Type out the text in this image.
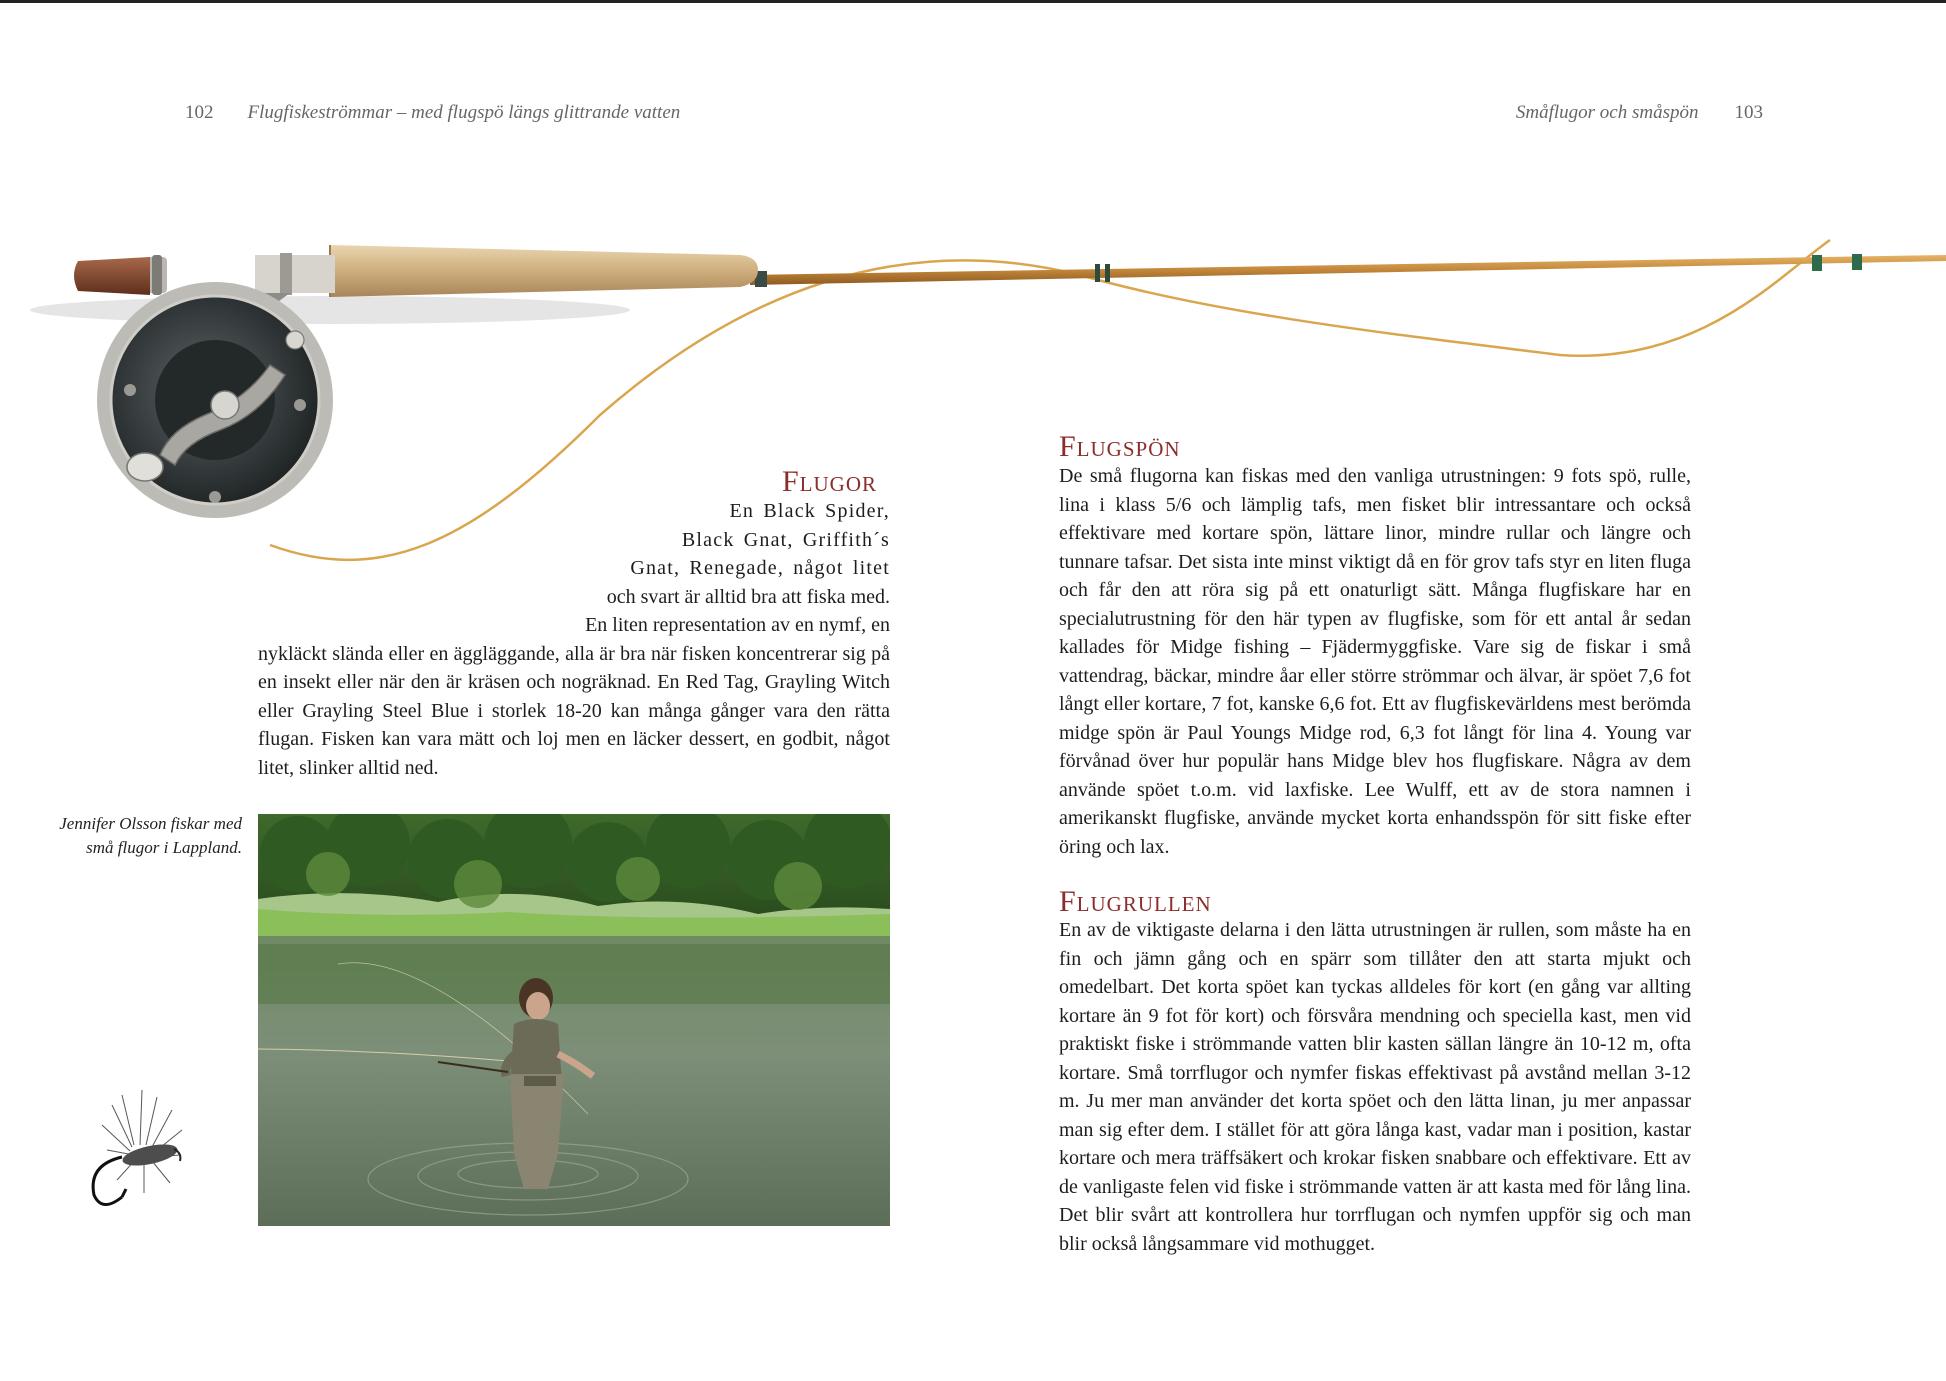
102 Flugfiskeströmmar – med flugspö längs glittrande vatten	Småflugor och småspön 103
Flugor
En Black Spider,
Black Gnat, Griffith´s
Gnat, Renegade, något litet
och svart är alltid bra att fiska med.
En liten representation av en nymf, en
nykläckt slända eller en äggläggande, alla är bra när fisken koncentrerar sig på en insekt eller när den är kräsen och nogräknad. En Red Tag, Grayling Witch eller Grayling Steel Blue i storlek 18-20 kan många gånger vara den rätta flugan. Fisken kan vara mätt och loj men en läcker dessert, en godbit, något litet, slinker alltid ned.
Jennifer Olsson fiskar med små flugor i Lappland.
Flugspön

De små flugorna kan fiskas med den vanliga utrustningen: 9 fots spö, rulle, lina i klass 5/6 och lämplig tafs, men fisket blir intressantare och också effektivare med kortare spön, lättare linor, mindre rullar och längre och tunnare tafsar. Det sista inte minst viktigt då en för grov tafs styr en liten fluga och får den att röra sig på ett onaturligt sätt. Många flugfiskare har en specialutrustning för den här typen av flugfiske, som för ett antal år sedan kallades för Midge fishing – Fjädermyggfiske. Vare sig de fiskar i små vattendrag, bäckar, mindre åar eller större strömmar och älvar, är spöet 7,6 fot långt eller kortare, 7 fot, kanske 6,6 fot. Ett av flugfiskevärldens mest berömda midge spön är Paul Youngs Midge rod, 6,3 fot långt för lina 4. Young var förvånad över hur populär hans Midge blev hos flugfiskare. Några av dem använde spöet t.o.m. vid laxfiske. Lee Wulff, ett av de stora namnen i amerikanskt flugfiske, använde mycket korta enhandsspön för sitt fiske efter öring och lax.

Flugrullen

En av de viktigaste delarna i den lätta utrustningen är rullen, som måste ha en fin och jämn gång och en spärr som tillåter den att starta mjukt och omedelbart. Det korta spöet kan tyckas alldeles för kort (en gång var allting kortare än 9 fot för kort) och försvåra mendning och speciella kast, men vid praktiskt fiske i strömmande vatten blir kasten sällan längre än 10-12 m, ofta kortare. Små torrflugor och nymfer fiskas effektivast på avstånd mellan 3-12 m. Ju mer man använder det korta spöet och den lätta linan, ju mer anpassar man sig efter dem. I stället för att göra långa kast, vadar man i position, kastar kortare och mera träffsäkert och krokar fisken snabbare och effektivare. Ett av de vanligaste felen vid fiske i strömmande vatten är att kasta med för lång lina. Det blir svårt att kontrollera hur torrflugan och nymfen uppför sig och man blir också långsammare vid mothugget.
